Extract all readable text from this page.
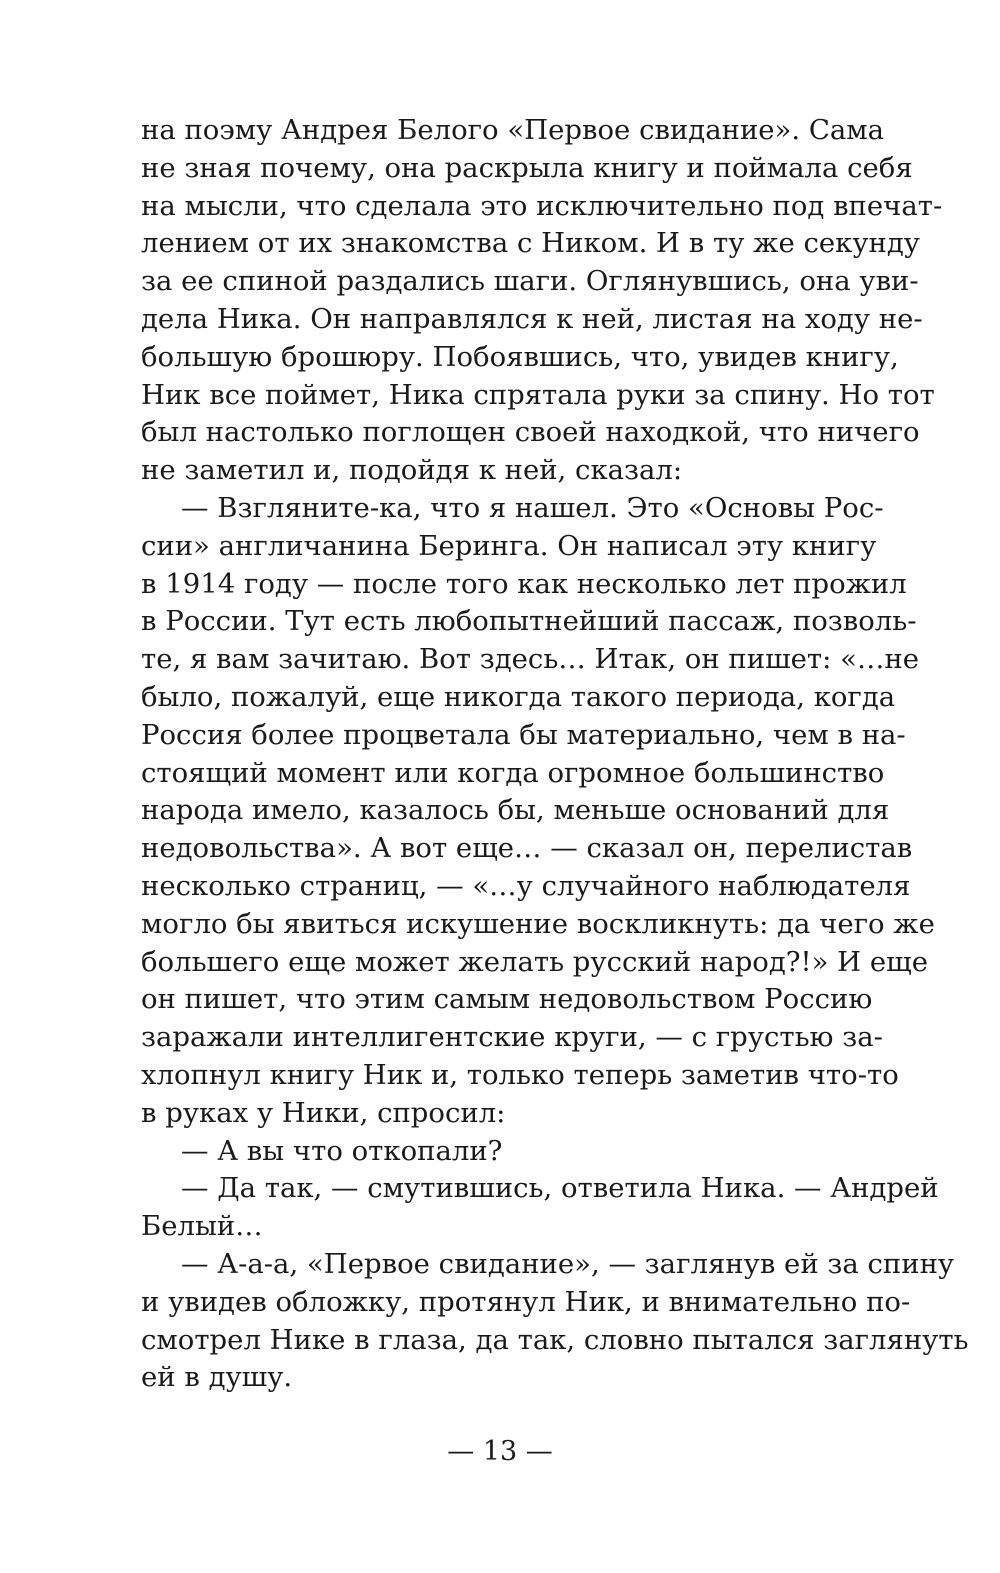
на поэму Андрея Белого «Первое свидание». Сама
не зная почему, она раскрыла книгу и поймала себя
на мысли, что сделала это исключительно под впечат-
лением от их знакомства с Ником. И в ту же секунду
за ее спиной раздались шаги. Оглянувшись, она уви-
дела Ника. Он направлялся к ней, листая на ходу не-
большую брошюру. Побоявшись, что, увидев книгу,
Ник все поймет, Ника спрятала руки за спину. Но тот
был настолько поглощен своей находкой, что ничего
не заметил и, подойдя к ней, сказал:
— Взгляните-ка, что я нашел. Это «Основы Рос-
сии» англичанина Беринга. Он написал эту книгу
в 1914 году — после того как несколько лет прожил
в России. Тут есть любопытнейший пассаж, позволь-
те, я вам зачитаю. Вот здесь… Итак, он пишет: «…не
было, пожалуй, еще никогда такого периода, когда
Россия более процветала бы материально, чем в на-
стоящий момент или когда огромное большинство
народа имело, казалось бы, меньше оснований для
недовольства». А вот еще… — сказал он, перелистав
несколько страниц, — «…у случайного наблюдателя
могло бы явиться искушение воскликнуть: да чего же
большего еще может желать русский народ?!» И еще
он пишет, что этим самым недовольством Россию
заражали интеллигентские круги, — с грустью за-
хлопнул книгу Ник и, только теперь заметив что-то
в руках у Ники, спросил:
— А вы что откопали?
— Да так, — смутившись, ответила Ника. — Андрей
Белый…
— А-а-а, «Первое свидание», — заглянув ей за спину
и увидев обложку, протянул Ник, и внимательно по-
смотрел Нике в глаза, да так, словно пытался заглянуть
ей в душу.
— 13 —
